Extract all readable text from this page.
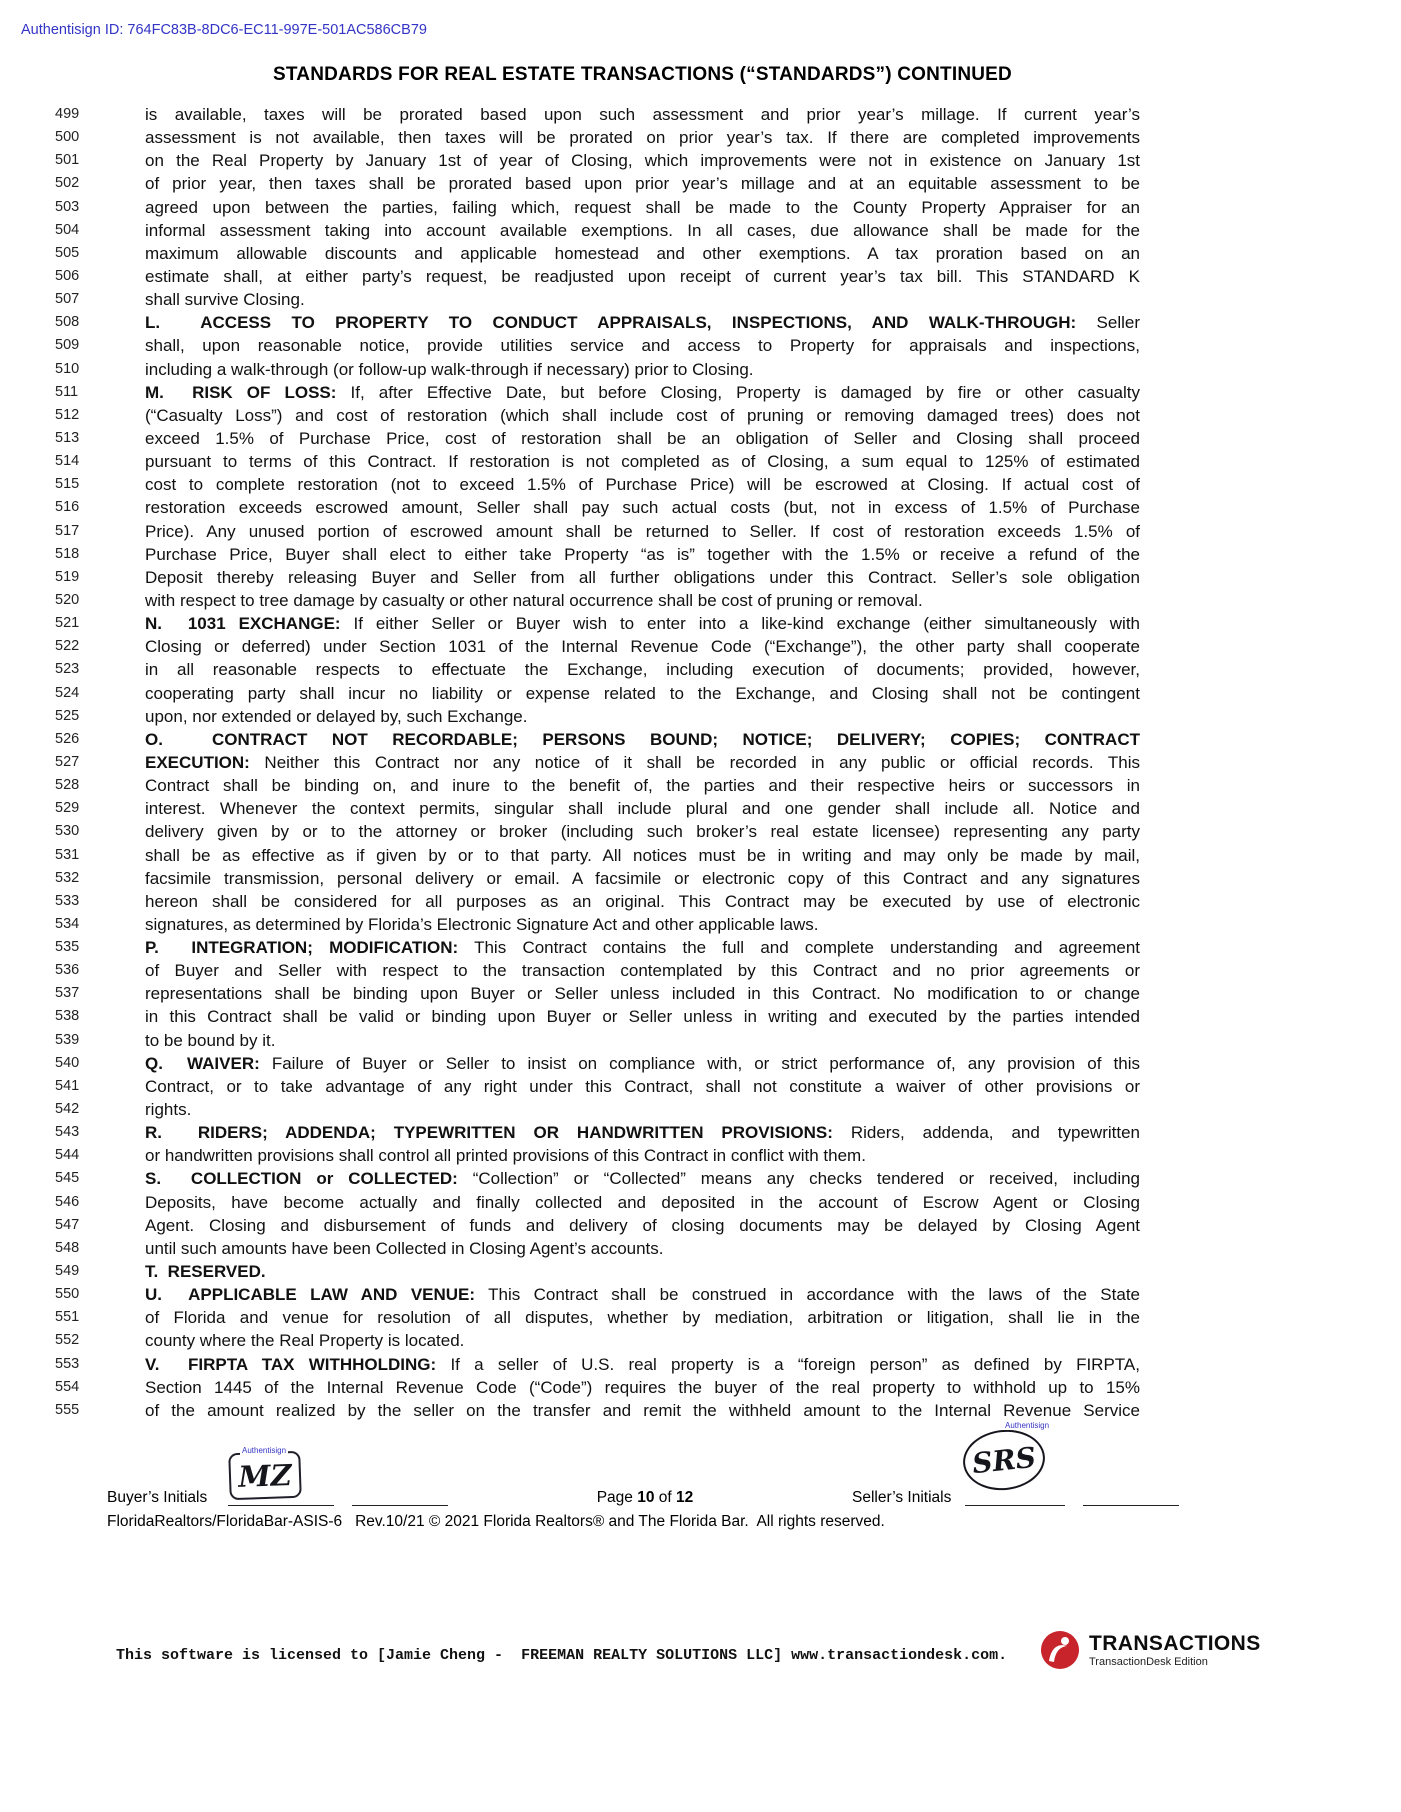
Authentisign ID: 764FC83B-8DC6-EC11-997E-501AC586CB79
STANDARDS FOR REAL ESTATE TRANSACTIONS (“STANDARDS”) CONTINUED
499	is available, taxes will be prorated based upon such assessment and prior year’s millage. If current year’s
500	assessment is not available, then taxes will be prorated on prior year’s tax. If there are completed improvements
501	on the Real Property by January 1st of year of Closing, which improvements were not in existence on January 1st
502	of prior year, then taxes shall be prorated based upon prior year’s millage and at an equitable assessment to be
503	agreed upon between the parties, failing which, request shall be made to the County Property Appraiser for an
504	informal assessment taking into account available exemptions. In all cases, due allowance shall be made for the
505	maximum allowable discounts and applicable homestead and other exemptions. A tax proration based on an
506	estimate shall, at either party’s request, be readjusted upon receipt of current year’s tax bill. This STANDARD K
507	shall survive Closing.
508	L.  ACCESS TO PROPERTY TO CONDUCT APPRAISALS, INSPECTIONS, AND WALK-THROUGH: Seller
509	shall, upon reasonable notice, provide utilities service and access to Property for appraisals and inspections,
510	including a walk-through (or follow-up walk-through if necessary) prior to Closing.
511	M.  RISK OF LOSS: If, after Effective Date, but before Closing, Property is damaged by fire or other casualty
512	(“Casualty Loss”) and cost of restoration (which shall include cost of pruning or removing damaged trees) does not
513	exceed 1.5% of Purchase Price, cost of restoration shall be an obligation of Seller and Closing shall proceed
514	pursuant to terms of this Contract. If restoration is not completed as of Closing, a sum equal to 125% of estimated
515	cost to complete restoration (not to exceed 1.5% of Purchase Price) will be escrowed at Closing. If actual cost of
516	restoration exceeds escrowed amount, Seller shall pay such actual costs (but, not in excess of 1.5% of Purchase
517	Price). Any unused portion of escrowed amount shall be returned to Seller. If cost of restoration exceeds 1.5% of
518	Purchase Price, Buyer shall elect to either take Property “as is” together with the 1.5% or receive a refund of the
519	Deposit thereby releasing Buyer and Seller from all further obligations under this Contract. Seller’s sole obligation
520	with respect to tree damage by casualty or other natural occurrence shall be cost of pruning or removal.
521	N.  1031 EXCHANGE: If either Seller or Buyer wish to enter into a like-kind exchange (either simultaneously with
522	Closing or deferred) under Section 1031 of the Internal Revenue Code (“Exchange”), the other party shall cooperate
523	in all reasonable respects to effectuate the Exchange, including execution of documents; provided, however,
524	cooperating party shall incur no liability or expense related to the Exchange, and Closing shall not be contingent
525	upon, nor extended or delayed by, such Exchange.
526	O.  CONTRACT NOT RECORDABLE; PERSONS BOUND; NOTICE; DELIVERY; COPIES; CONTRACT
527	EXECUTION: Neither this Contract nor any notice of it shall be recorded in any public or official records. This
528	Contract shall be binding on, and inure to the benefit of, the parties and their respective heirs or successors in
529	interest. Whenever the context permits, singular shall include plural and one gender shall include all. Notice and
530	delivery given by or to the attorney or broker (including such broker’s real estate licensee) representing any party
531	shall be as effective as if given by or to that party. All notices must be in writing and may only be made by mail,
532	facsimile transmission, personal delivery or email. A facsimile or electronic copy of this Contract and any signatures
533	hereon shall be considered for all purposes as an original. This Contract may be executed by use of electronic
534	signatures, as determined by Florida’s Electronic Signature Act and other applicable laws.
535	P.  INTEGRATION; MODIFICATION: This Contract contains the full and complete understanding and agreement
536	of Buyer and Seller with respect to the transaction contemplated by this Contract and no prior agreements or
537	representations shall be binding upon Buyer or Seller unless included in this Contract. No modification to or change
538	in this Contract shall be valid or binding upon Buyer or Seller unless in writing and executed by the parties intended
539	to be bound by it.
540	Q.  WAIVER: Failure of Buyer or Seller to insist on compliance with, or strict performance of, any provision of this
541	Contract, or to take advantage of any right under this Contract, shall not constitute a waiver of other provisions or
542	rights.
543	R.  RIDERS; ADDENDA; TYPEWRITTEN OR HANDWRITTEN PROVISIONS: Riders, addenda, and typewritten
544	or handwritten provisions shall control all printed provisions of this Contract in conflict with them.
545	S.  COLLECTION or COLLECTED: “Collection” or “Collected” means any checks tendered or received, including
546	Deposits, have become actually and finally collected and deposited in the account of Escrow Agent or Closing
547	Agent. Closing and disbursement of funds and delivery of closing documents may be delayed by Closing Agent
548	until such amounts have been Collected in Closing Agent’s accounts.
549	T.  RESERVED.
550	U.  APPLICABLE LAW AND VENUE: This Contract shall be construed in accordance with the laws of the State
551	of Florida and venue for resolution of all disputes, whether by mediation, arbitration or litigation, shall lie in the
552	county where the Real Property is located.
553	V.  FIRPTA TAX WITHHOLDING: If a seller of U.S. real property is a “foreign person” as defined by FIRPTA,
554	Section 1445 of the Internal Revenue Code (“Code”) requires the buyer of the real property to withhold up to 15%
555	of the amount realized by the seller on the transfer and remit the withheld amount to the Internal Revenue Service
Buyer’s Initials
MZ
Authentisign
Page 10 of 12	Seller’s Initials
SRS
Authentisign
FloridaRealtors/FloridaBar-ASIS-6   Rev.10/21 © 2021 Florida Realtors® and The Florida Bar.  All rights reserved.
This software is licensed to [Jamie Cheng -  FREEMAN REALTY SOLUTIONS LLC] www.transactiondesk.com.
TRANSACTIONS
TransactionDesk Edition
